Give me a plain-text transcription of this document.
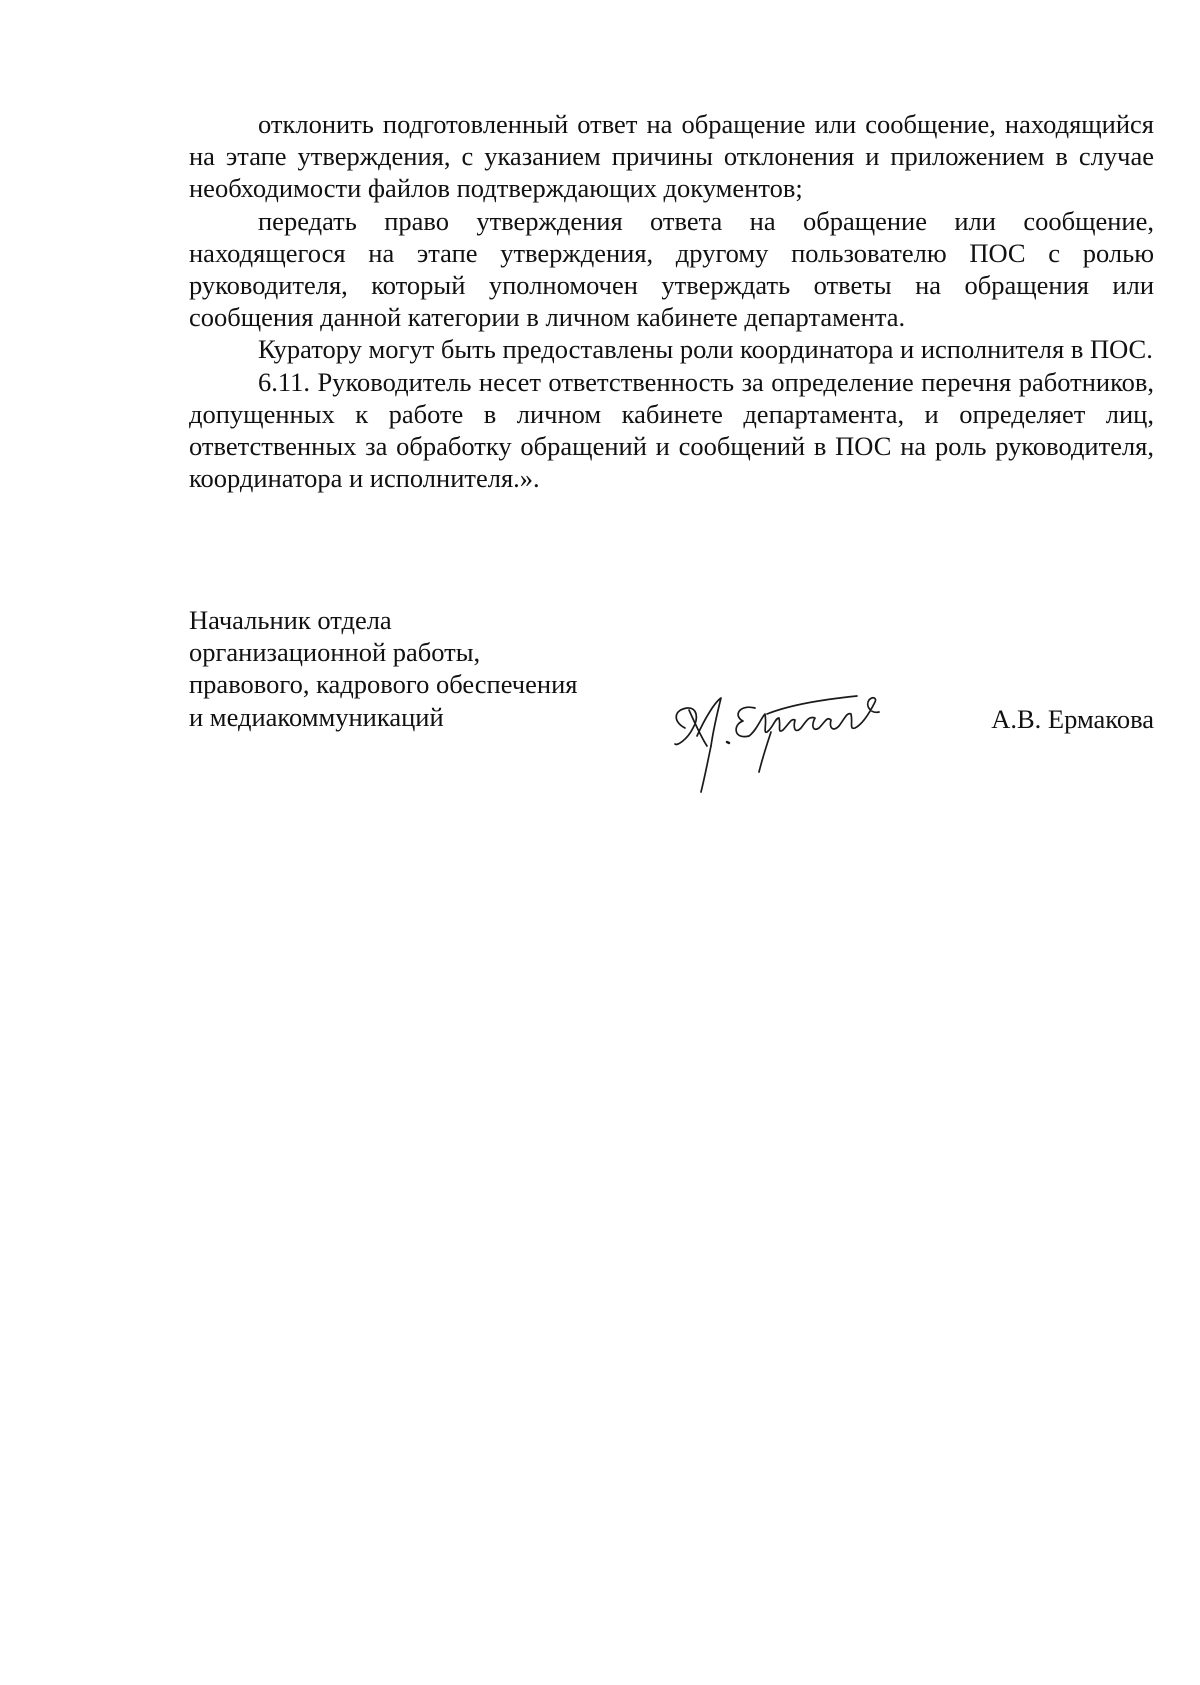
отклонить подготовленный ответ на обращение или сообщение, находящийся на этапе утверждения, с указанием причины отклонения и приложением в случае необходимости файлов подтверждающих документов;

передать право утверждения ответа на обращение или сообщение, находящегося на этапе утверждения, другому пользователю ПОС с ролью руководителя, который уполномочен утверждать ответы на обращения или сообщения данной категории в личном кабинете департамента.

Куратору могут быть предоставлены роли координатора и исполнителя в ПОС.

6.11. Руководитель несет ответственность за определение перечня работников, допущенных к работе в личном кабинете департамента, и определяет лиц, ответственных за обработку обращений и сообщений в ПОС на роль руководителя, координатора и исполнителя.».

Начальник отдела
организационной работы,
правового, кадрового обеспечения
и медиакоммуникаций	А.В. Ермакова
